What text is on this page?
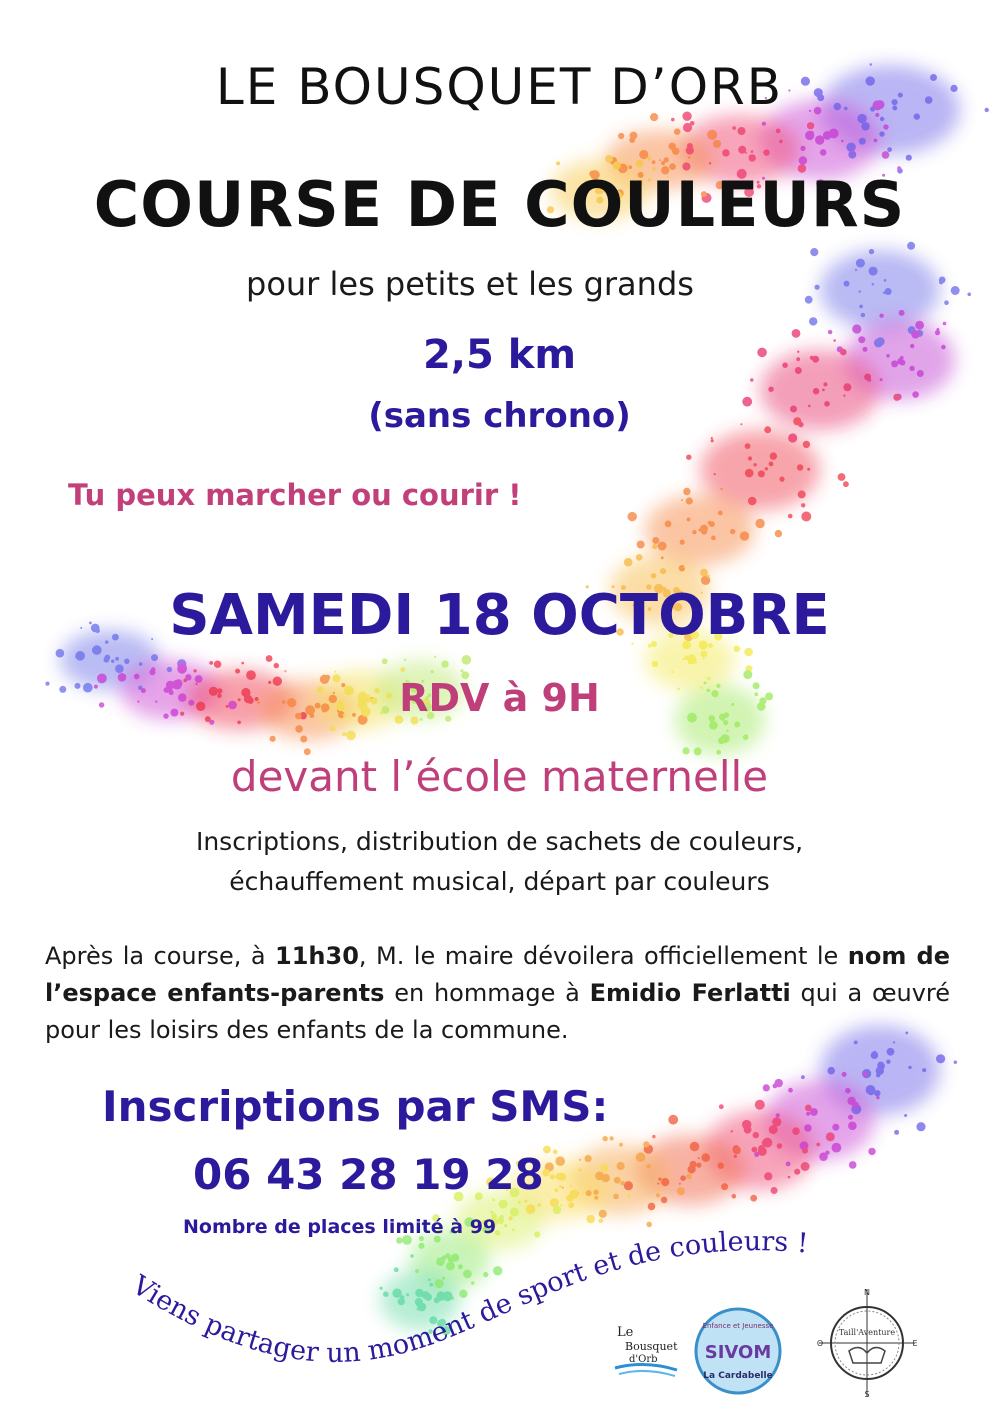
LE BOUSQUET D’ORB
COURSE DE COULEURS
pour les petits et les grands
2,5 km
(sans chrono)
Tu peux marcher ou courir !
SAMEDI 18 OCTOBRE
RDV à 9H
devant l’école maternelle
Inscriptions, distribution de sachets de couleurs,
échauffement musical, départ par couleurs
Après la course, à 11h30, M. le maire dévoilera officiellement le nom de l’espace enfants-parents en hommage à Emidio Ferlatti qui a œuvré pour les loisirs des enfants de la commune.
Inscriptions par SMS:
06 43 28 19 28
Nombre de places limité à 99
Viens partager un moment de sport et de couleurs !
Le
Bousquet
d'Orb
Enfance et Jeunesse
SIVOM
La Cardabelle
N
S
E
O
Taill'Aventure
